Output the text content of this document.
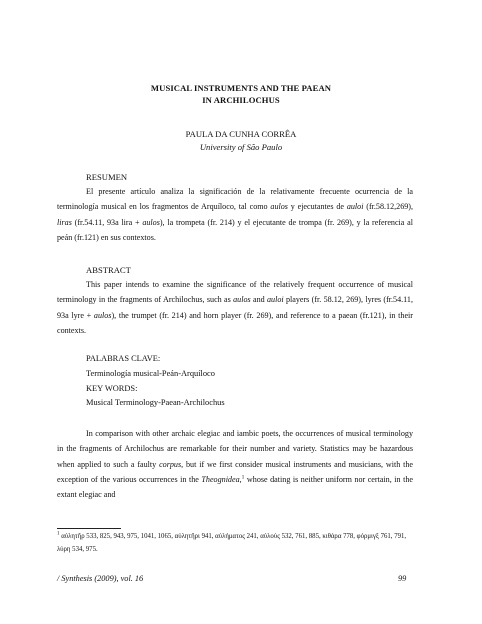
MUSICAL INSTRUMENTS AND THE PAEAN
IN ARCHILOCHUS
PAULA DA CUNHA CORRÊA
University of São Paulo
RESUMEN
El presente artículo analiza la significación de la relativamente frecuente ocurrencia de la terminología musical en los fragmentos de Arquíloco, tal como aulos y ejecutantes de auloi (fr.58.12,269), liras (fr.54.11, 93a lira + aulos), la trompeta (fr. 214) y el ejecutante de trompa (fr. 269), y la referencia al peán (fr.121) en sus contextos.
ABSTRACT
This paper intends to examine the significance of the relatively frequent occurrence of musical terminology in the fragments of Archilochus, such as aulos and auloi players (fr. 58.12, 269), lyres (fr.54.11, 93a lyre + aulos), the trumpet (fr. 214) and horn player (fr. 269), and reference to a paean (fr.121), in their contexts.
PALABRAS CLAVE:
Terminología musical-Peán-Arquíloco
KEY WORDS:
Musical Terminology-Paean-Archilochus
In comparison with other archaic elegiac and iambic poets, the occurrences of musical terminology in the fragments of Archilochus are remarkable for their number and variety. Statistics may be hazardous when applied to such a faulty corpus, but if we first consider musical instruments and musicians, with the exception of the various occurrences in the Theognidea,$^1$ whose dating is neither uniform nor certain, in the extant elegiac and
$^1$ αὐλητῆρ 533, 825, 943, 975, 1041, 1065, αὐλητῆρι 941, αὐλήματος 241, αὐλοὺς 532, 761, 885, κιθάρα 778, φόρμιγξ 761, 791, λύρη 534, 975.
/ Synthesis (2009), vol. 16	99
